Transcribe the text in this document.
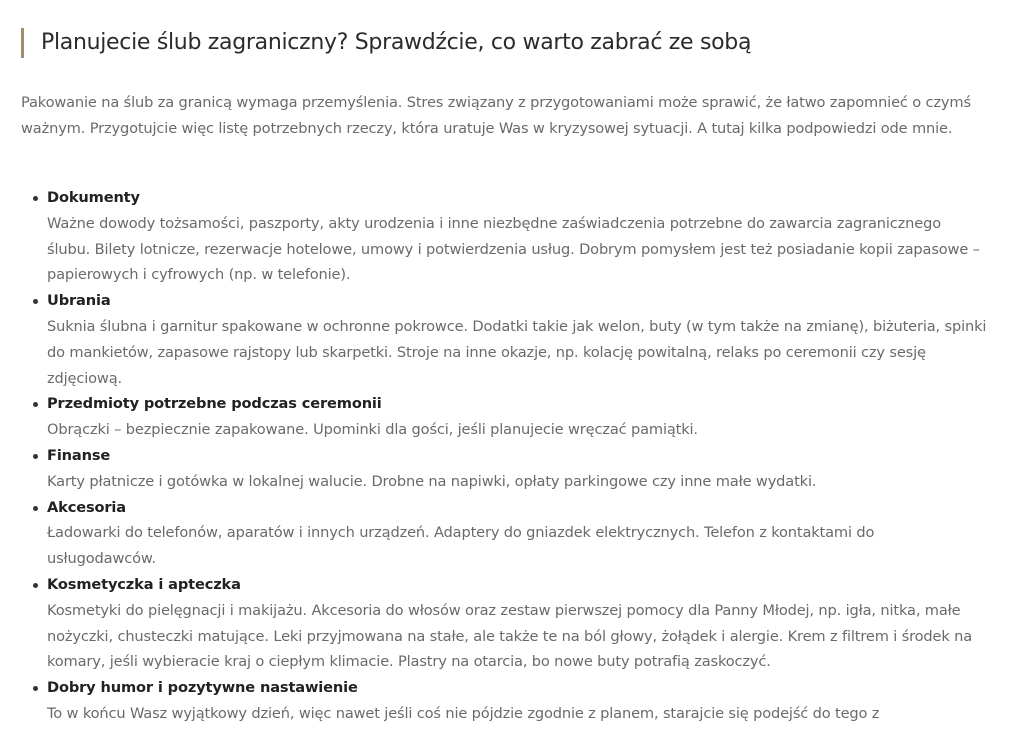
Planujecie ślub zagraniczny? Sprawdźcie, co warto zabrać ze sobą

Pakowanie na ślub za granicą wymaga przemyślenia. Stres związany z przygotowaniami może sprawić, że łatwo zapomnieć o czymś ważnym. Przygotujcie więc listę potrzebnych rzeczy, która uratuje Was w kryzysowej sytuacji. A tutaj kilka podpowiedzi ode mnie.

Dokumenty
Ważne dowody tożsamości, paszporty, akty urodzenia i inne niezbędne zaświadczenia potrzebne do zawarcia zagranicznego ślubu. Bilety lotnicze, rezerwacje hotelowe, umowy i potwierdzenia usług. Dobrym pomysłem jest też posiadanie kopii zapasowe – papierowych i cyfrowych (np. w telefonie).
Ubrania
Suknia ślubna i garnitur spakowane w ochronne pokrowce. Dodatki takie jak welon, buty (w tym także na zmianę), biżuteria, spinki do mankietów, zapasowe rajstopy lub skarpetki. Stroje na inne okazje, np. kolację powitalną, relaks po ceremonii czy sesję zdjęciową.
Przedmioty potrzebne podczas ceremonii
Obrączki – bezpiecznie zapakowane. Upominki dla gości, jeśli planujecie wręczać pamiątki.
Finanse
Karty płatnicze i gotówka w lokalnej walucie. Drobne na napiwki, opłaty parkingowe czy inne małe wydatki.
Akcesoria
Ładowarki do telefonów, aparatów i innych urządzeń. Adaptery do gniazdek elektrycznych. Telefon z kontaktami do usługodawców.
Kosmetyczka i apteczka
Kosmetyki do pielęgnacji i makijażu. Akcesoria do włosów oraz zestaw pierwszej pomocy dla Panny Młodej, np. igła, nitka, małe nożyczki, chusteczki matujące. Leki przyjmowana na stałe, ale także te na ból głowy, żołądek i alergie. Krem z filtrem i środek na komary, jeśli wybieracie kraj o ciepłym klimacie. Plastry na otarcia, bo nowe buty potrafią zaskoczyć.
Dobry humor i pozytywne nastawienie
To w końcu Wasz wyjątkowy dzień, więc nawet jeśli coś nie pójdzie zgodnie z planem, starajcie się podejść do tego z
